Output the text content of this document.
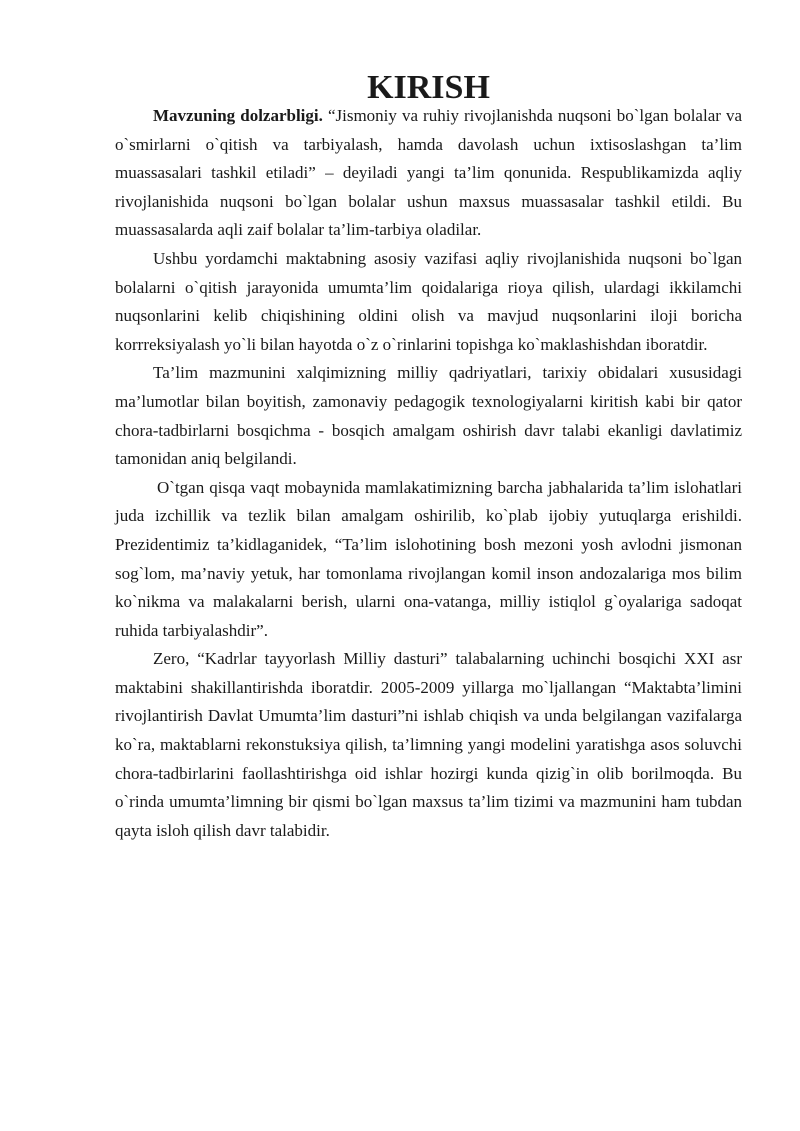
KIRISH

Mavzuning dolzarbligi. “Jismoniy va ruhiy rivojlanishda nuqsoni bo`lgan bolalar va o`smirlarni o`qitish va tarbiyalash, hamda davolash uchun ixtisoslashgan ta’lim muassasalari tashkil etiladi” – deyiladi yangi ta’lim qonunida. Respublikamizda aqliy rivojlanishida nuqsoni bo`lgan bolalar ushun maxsus muassasalar tashkil etildi. Bu muassasalarda aqli zaif bolalar ta’lim-tarbiya oladilar.

Ushbu yordamchi maktabning asosiy vazifasi aqliy rivojlanishida nuqsoni bo`lgan bolalarni o`qitish jarayonida umumta’lim qoidalariga rioya qilish, ulardagi ikkilamchi nuqsonlarini kelib chiqishining oldini olish va mavjud nuqsonlarini iloji boricha korrreksiyalash yo`li bilan hayotda o`z o`rinlarini topishga ko`maklashishdan iboratdir.

Ta’lim mazmunini xalqimizning milliy qadriyatlari, tarixiy obidalari xususidagi ma’lumotlar bilan boyitish, zamonaviy pedagogik texnologiyalarni kiritish kabi bir qator chora-tadbirlarni bosqichma - bosqich amalgam oshirish davr talabi ekanligi davlatimiz tamonidan aniq belgilandi.

O`tgan qisqa vaqt mobaynida mamlakatimizning barcha jabhalarida ta’lim islohatlari juda izchillik va tezlik bilan amalgam oshirilib, ko`plab ijobiy yutuqlarga erishildi. Prezidentimiz ta’kidlaganidek, “Ta’lim islohotining bosh mezoni yosh avlodni jismonan sog`lom, ma’naviy yetuk, har tomonlama rivojlangan komil inson andozalariga mos bilim ko`nikma va malakalarni berish, ularni ona-vatanga, milliy istiqlol g`oyalariga sadoqat ruhida tarbiyalashdir”.

Zero, “Kadrlar tayyorlash Milliy dasturi” talabalarning uchinchi bosqichi XXI asr maktabini shakillantirishda iboratdir. 2005-2009 yillarga mo`ljallangan “Maktabta’limini rivojlantirish Davlat Umumta’lim dasturi”ni ishlab chiqish va unda belgilangan vazifalarga ko`ra, maktablarni rekonstuksiya qilish, ta’limning yangi modelini yaratishga asos soluvchi chora-tadbirlarini faollashtirishga oid ishlar hozirgi kunda qizig`in olib borilmoqda. Bu o`rinda umumta’limning bir qismi bo`lgan maxsus ta’lim tizimi va mazmunini ham tubdan qayta isloh qilish davr talabidir.
